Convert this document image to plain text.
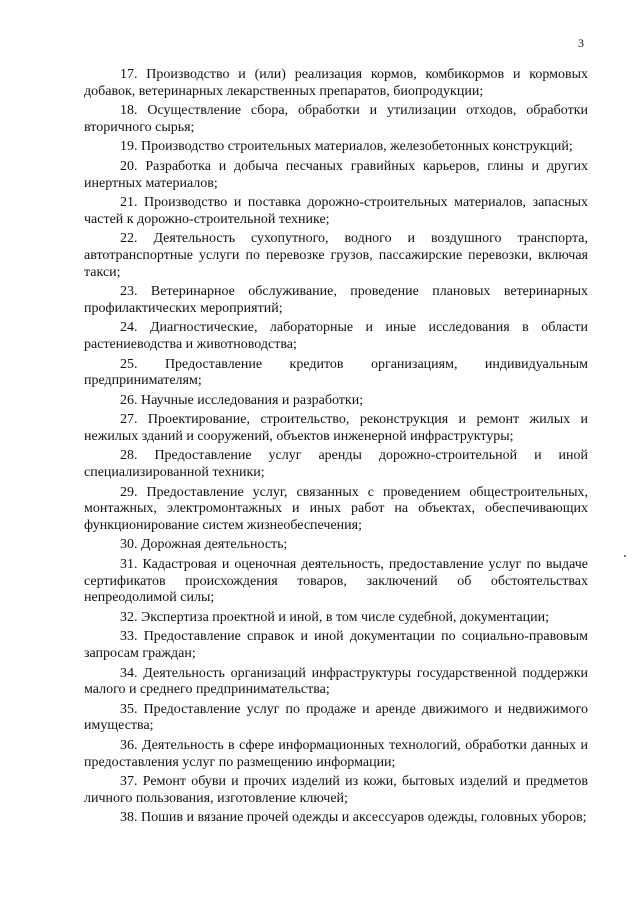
3

17. Производство и (или) реализация кормов, комбикормов и кормовых добавок, ветеринарных лекарственных препаратов, биопродукции;

18. Осуществление сбора, обработки и утилизации отходов, обработки вторичного сырья;

19. Производство строительных материалов, железобетонных конструкций;

20. Разработка и добыча песчаных гравийных карьеров, глины и других инертных материалов;

21. Производство и поставка дорожно-строительных материалов, запасных частей к дорожно-строительной технике;

22. Деятельность сухопутного, водного и воздушного транспорта, автотранспортные услуги по перевозке грузов, пассажирские перевозки, включая такси;

23. Ветеринарное обслуживание, проведение плановых ветеринарных профилактических мероприятий;

24. Диагностические, лабораторные и иные исследования в области растениеводства и животноводства;

25. Предоставление кредитов организациям, индивидуальным предпринимателям;

26. Научные исследования и разработки;

27. Проектирование, строительство, реконструкция и ремонт жилых и нежилых зданий и сооружений, объектов инженерной инфраструктуры;

28. Предоставление услуг аренды дорожно-строительной и иной специализированной техники;

29. Предоставление услуг, связанных с проведением общестроительных, монтажных, электромонтажных и иных работ на объектах, обеспечивающих функционирование систем жизнеобеспечения;

30. Дорожная деятельность;

31. Кадастровая и оценочная деятельность, предоставление услуг по выдаче сертификатов происхождения товаров, заключений об обстоятельствах непреодолимой силы;

32. Экспертиза проектной и иной, в том числе судебной, документации;

33. Предоставление справок и иной документации по социально-правовым запросам граждан;

34. Деятельность организаций инфраструктуры государственной поддержки малого и среднего предпринимательства;

35. Предоставление услуг по продаже и аренде движимого и недвижимого имущества;

36. Деятельность в сфере информационных технологий, обработки данных и предоставления услуг по размещению информации;

37. Ремонт обуви и прочих изделий из кожи, бытовых изделий и предметов личного пользования, изготовление ключей;

38. Пошив и вязание прочей одежды и аксессуаров одежды, головных уборов;
